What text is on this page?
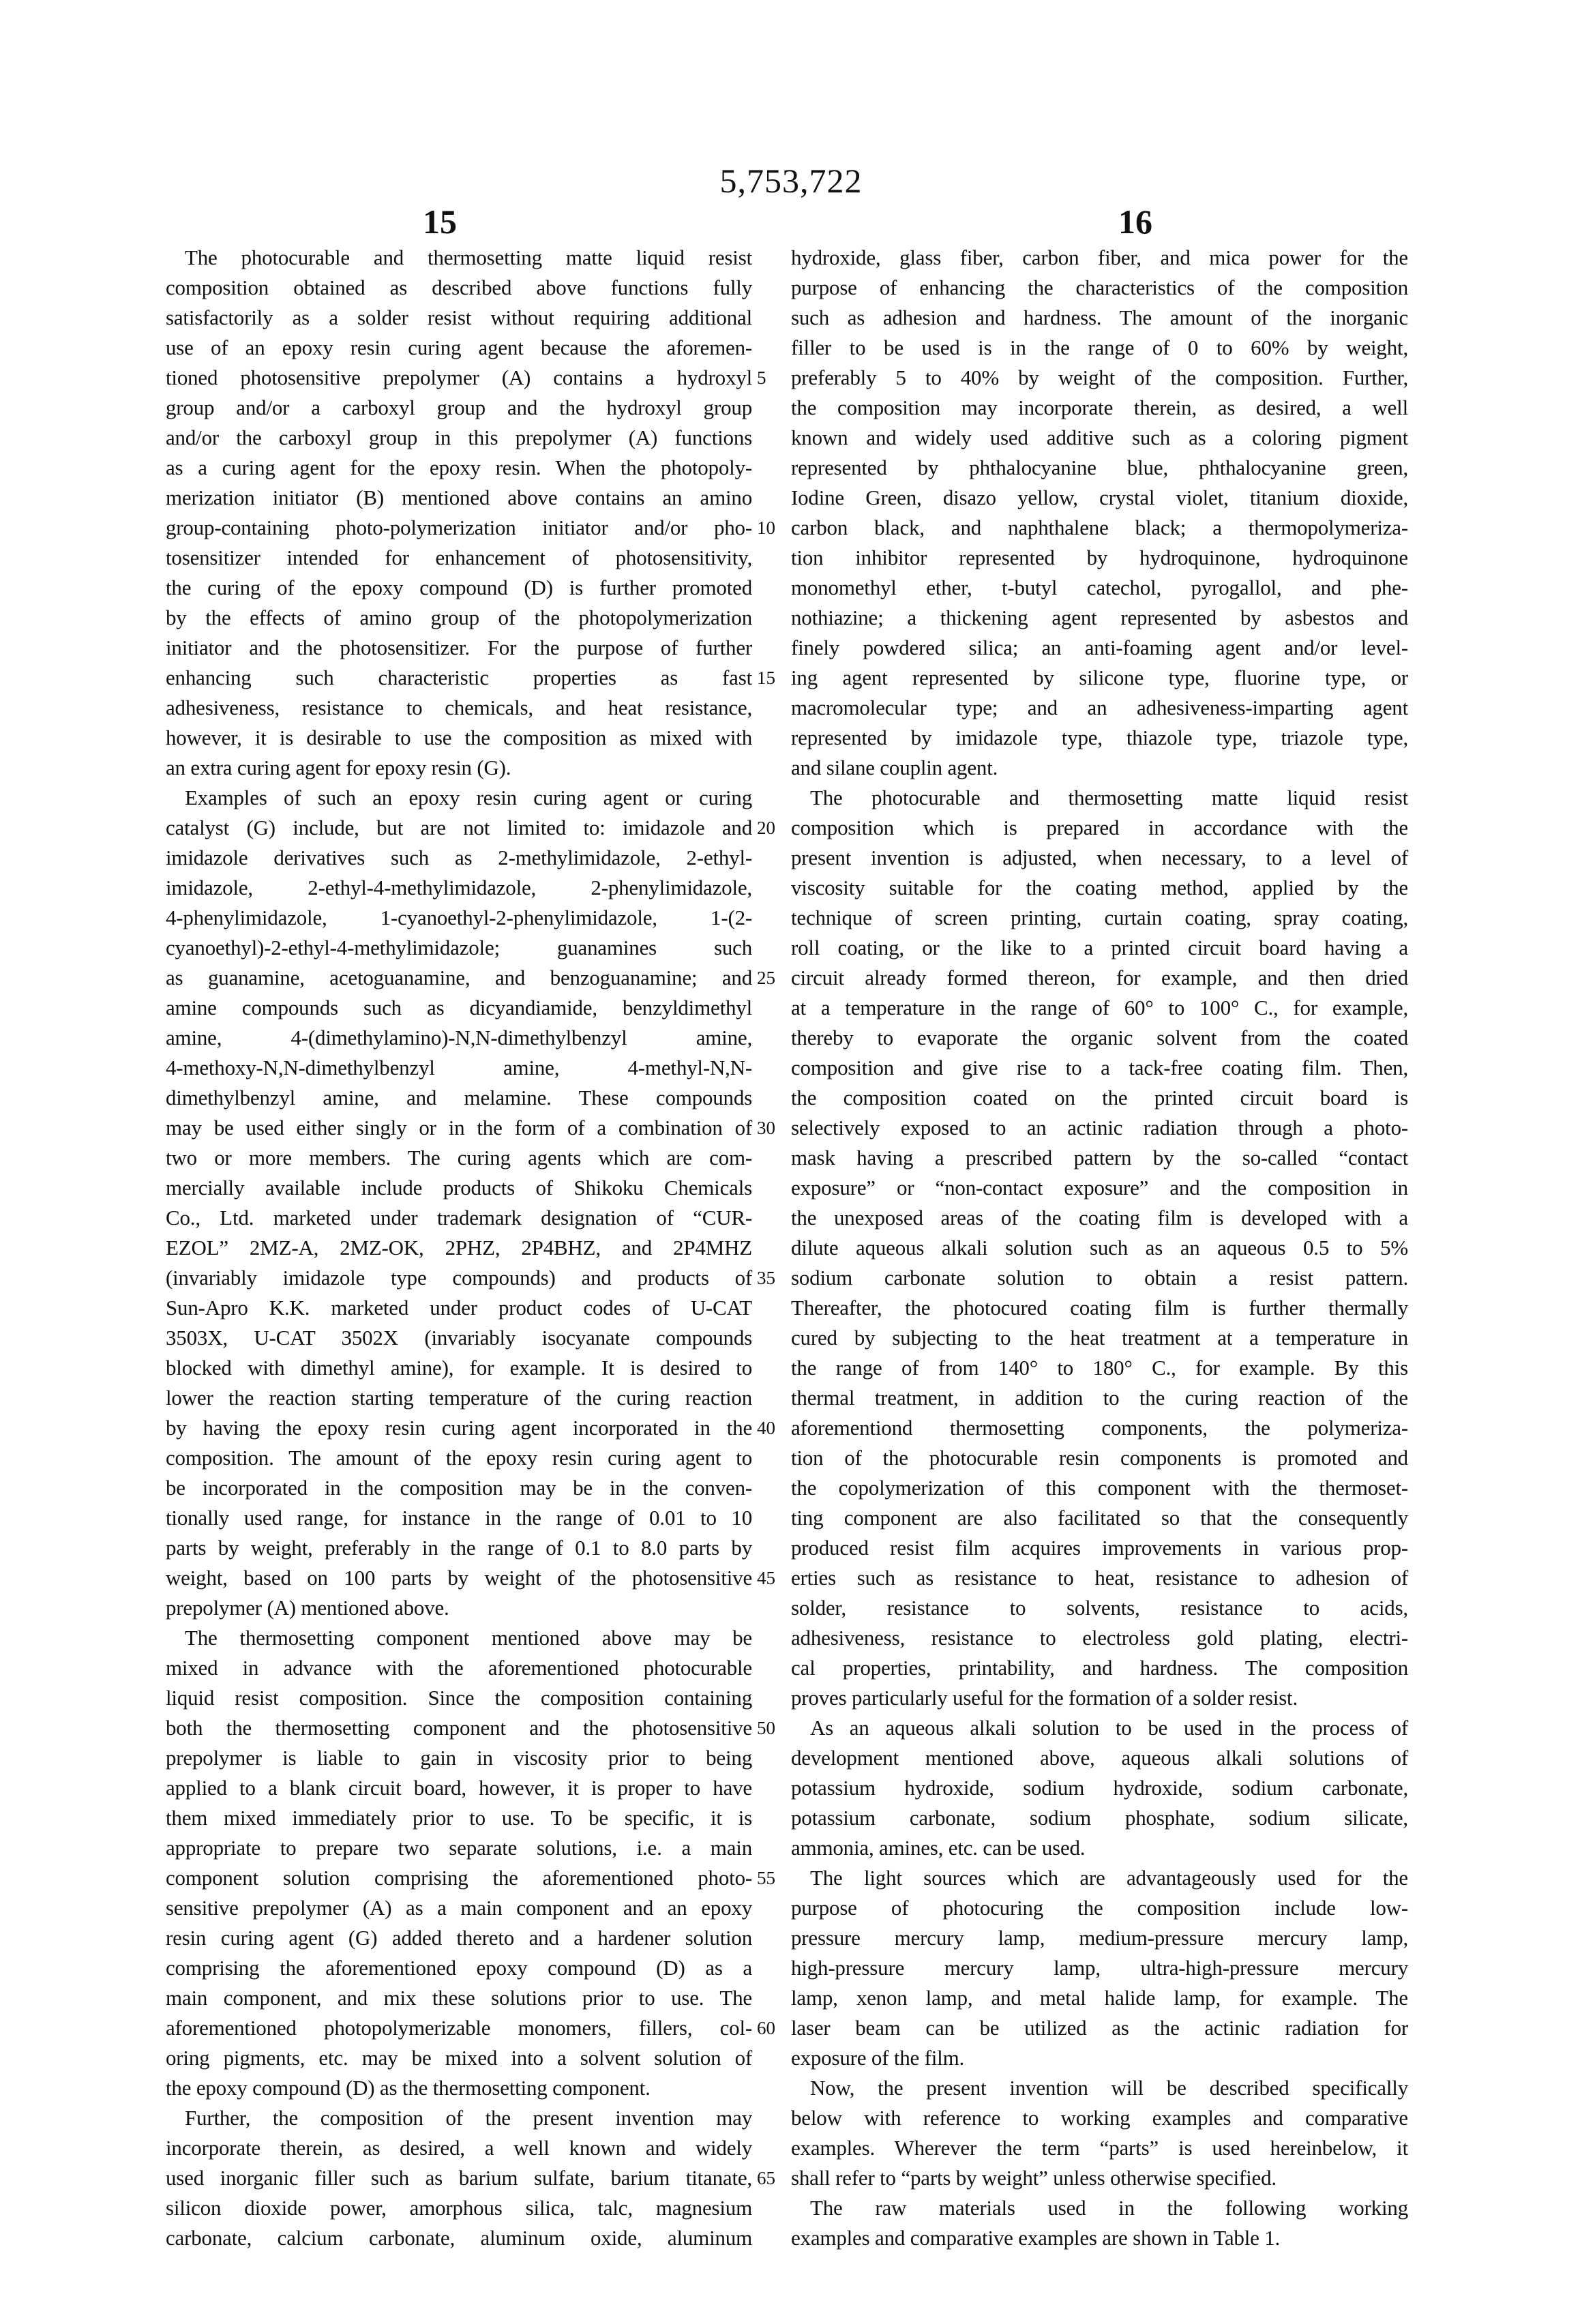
5,753,722
15	16
The photocurable and thermosetting matte liquid resist
composition obtained as described above functions fully
satisfactorily as a solder resist without requiring additional
use of an epoxy resin curing agent because the aforemen-
tioned photosensitive prepolymer (A) contains a hydroxyl
group and/or a carboxyl group and the hydroxyl group
and/or the carboxyl group in this prepolymer (A) functions
as a curing agent for the epoxy resin. When the photopoly-
merization initiator (B) mentioned above contains an amino
group-containing photo-polymerization initiator and/or pho-
tosensitizer intended for enhancement of photosensitivity,
the curing of the epoxy compound (D) is further promoted
by the effects of amino group of the photopolymerization
initiator and the photosensitizer. For the purpose of further
enhancing such characteristic properties as fast
adhesiveness, resistance to chemicals, and heat resistance,
however, it is desirable to use the composition as mixed with
an extra curing agent for epoxy resin (G).
Examples of such an epoxy resin curing agent or curing
catalyst (G) include, but are not limited to: imidazole and
imidazole derivatives such as 2-methylimidazole, 2-ethyl-
imidazole, 2-ethyl-4-methylimidazole, 2-phenylimidazole,
4-phenylimidazole, 1-cyanoethyl-2-phenylimidazole, 1-(2-
cyanoethyl)-2-ethyl-4-methylimidazole; guanamines such
as guanamine, acetoguanamine, and benzoguanamine; and
amine compounds such as dicyandiamide, benzyldimethyl
amine, 4-(dimethylamino)-N,N-dimethylbenzyl amine,
4-methoxy-N,N-dimethylbenzyl amine, 4-methyl-N,N-
dimethylbenzyl amine, and melamine. These compounds
may be used either singly or in the form of a combination of
two or more members. The curing agents which are com-
mercially available include products of Shikoku Chemicals
Co., Ltd. marketed under trademark designation of “CUR-
EZOL” 2MZ-A, 2MZ-OK, 2PHZ, 2P4BHZ, and 2P4MHZ
(invariably imidazole type compounds) and products of
Sun-Apro K.K. marketed under product codes of U-CAT
3503X, U-CAT 3502X (invariably isocyanate compounds
blocked with dimethyl amine), for example. It is desired to
lower the reaction starting temperature of the curing reaction
by having the epoxy resin curing agent incorporated in the
composition. The amount of the epoxy resin curing agent to
be incorporated in the composition may be in the conven-
tionally used range, for instance in the range of 0.01 to 10
parts by weight, preferably in the range of 0.1 to 8.0 parts by
weight, based on 100 parts by weight of the photosensitive
prepolymer (A) mentioned above.
The thermosetting component mentioned above may be
mixed in advance with the aforementioned photocurable
liquid resist composition. Since the composition containing
both the thermosetting component and the photosensitive
prepolymer is liable to gain in viscosity prior to being
applied to a blank circuit board, however, it is proper to have
them mixed immediately prior to use. To be specific, it is
appropriate to prepare two separate solutions, i.e. a main
component solution comprising the aforementioned photo-
sensitive prepolymer (A) as a main component and an epoxy
resin curing agent (G) added thereto and a hardener solution
comprising the aforementioned epoxy compound (D) as a
main component, and mix these solutions prior to use. The
aforementioned photopolymerizable monomers, fillers, col-
oring pigments, etc. may be mixed into a solvent solution of
the epoxy compound (D) as the thermosetting component.
Further, the composition of the present invention may
incorporate therein, as desired, a well known and widely
used inorganic filler such as barium sulfate, barium titanate,
silicon dioxide power, amorphous silica, talc, magnesium
carbonate, calcium carbonate, aluminum oxide, aluminum
5
10
15
20
25
30
35
40
45
50
55
60
65
hydroxide, glass fiber, carbon fiber, and mica power for the
purpose of enhancing the characteristics of the composition
such as adhesion and hardness. The amount of the inorganic
filler to be used is in the range of 0 to 60% by weight,
preferably 5 to 40% by weight of the composition. Further,
the composition may incorporate therein, as desired, a well
known and widely used additive such as a coloring pigment
represented by phthalocyanine blue, phthalocyanine green,
Iodine Green, disazo yellow, crystal violet, titanium dioxide,
carbon black, and naphthalene black; a thermopolymeriza-
tion inhibitor represented by hydroquinone, hydroquinone
monomethyl ether, t-butyl catechol, pyrogallol, and phe-
nothiazine; a thickening agent represented by asbestos and
finely powdered silica; an anti-foaming agent and/or level-
ing agent represented by silicone type, fluorine type, or
macromolecular type; and an adhesiveness-imparting agent
represented by imidazole type, thiazole type, triazole type,
and silane couplin agent.
The photocurable and thermosetting matte liquid resist
composition which is prepared in accordance with the
present invention is adjusted, when necessary, to a level of
viscosity suitable for the coating method, applied by the
technique of screen printing, curtain coating, spray coating,
roll coating, or the like to a printed circuit board having a
circuit already formed thereon, for example, and then dried
at a temperature in the range of 60° to 100° C., for example,
thereby to evaporate the organic solvent from the coated
composition and give rise to a tack-free coating film. Then,
the composition coated on the printed circuit board is
selectively exposed to an actinic radiation through a photo-
mask having a prescribed pattern by the so-called “contact
exposure” or “non-contact exposure” and the composition in
the unexposed areas of the coating film is developed with a
dilute aqueous alkali solution such as an aqueous 0.5 to 5%
sodium carbonate solution to obtain a resist pattern.
Thereafter, the photocured coating film is further thermally
cured by subjecting to the heat treatment at a temperature in
the range of from 140° to 180° C., for example. By this
thermal treatment, in addition to the curing reaction of the
aforementiond thermosetting components, the polymeriza-
tion of the photocurable resin components is promoted and
the copolymerization of this component with the thermoset-
ting component are also facilitated so that the consequently
produced resist film acquires improvements in various prop-
erties such as resistance to heat, resistance to adhesion of
solder, resistance to solvents, resistance to acids,
adhesiveness, resistance to electroless gold plating, electri-
cal properties, printability, and hardness. The composition
proves particularly useful for the formation of a solder resist.
As an aqueous alkali solution to be used in the process of
development mentioned above, aqueous alkali solutions of
potassium hydroxide, sodium hydroxide, sodium carbonate,
potassium carbonate, sodium phosphate, sodium silicate,
ammonia, amines, etc. can be used.
The light sources which are advantageously used for the
purpose of photocuring the composition include low-
pressure mercury lamp, medium-pressure mercury lamp,
high-pressure mercury lamp, ultra-high-pressure mercury
lamp, xenon lamp, and metal halide lamp, for example. The
laser beam can be utilized as the actinic radiation for
exposure of the film.
Now, the present invention will be described specifically
below with reference to working examples and comparative
examples. Wherever the term “parts” is used hereinbelow, it
shall refer to “parts by weight” unless otherwise specified.
The raw materials used in the following working
examples and comparative examples are shown in Table 1.
